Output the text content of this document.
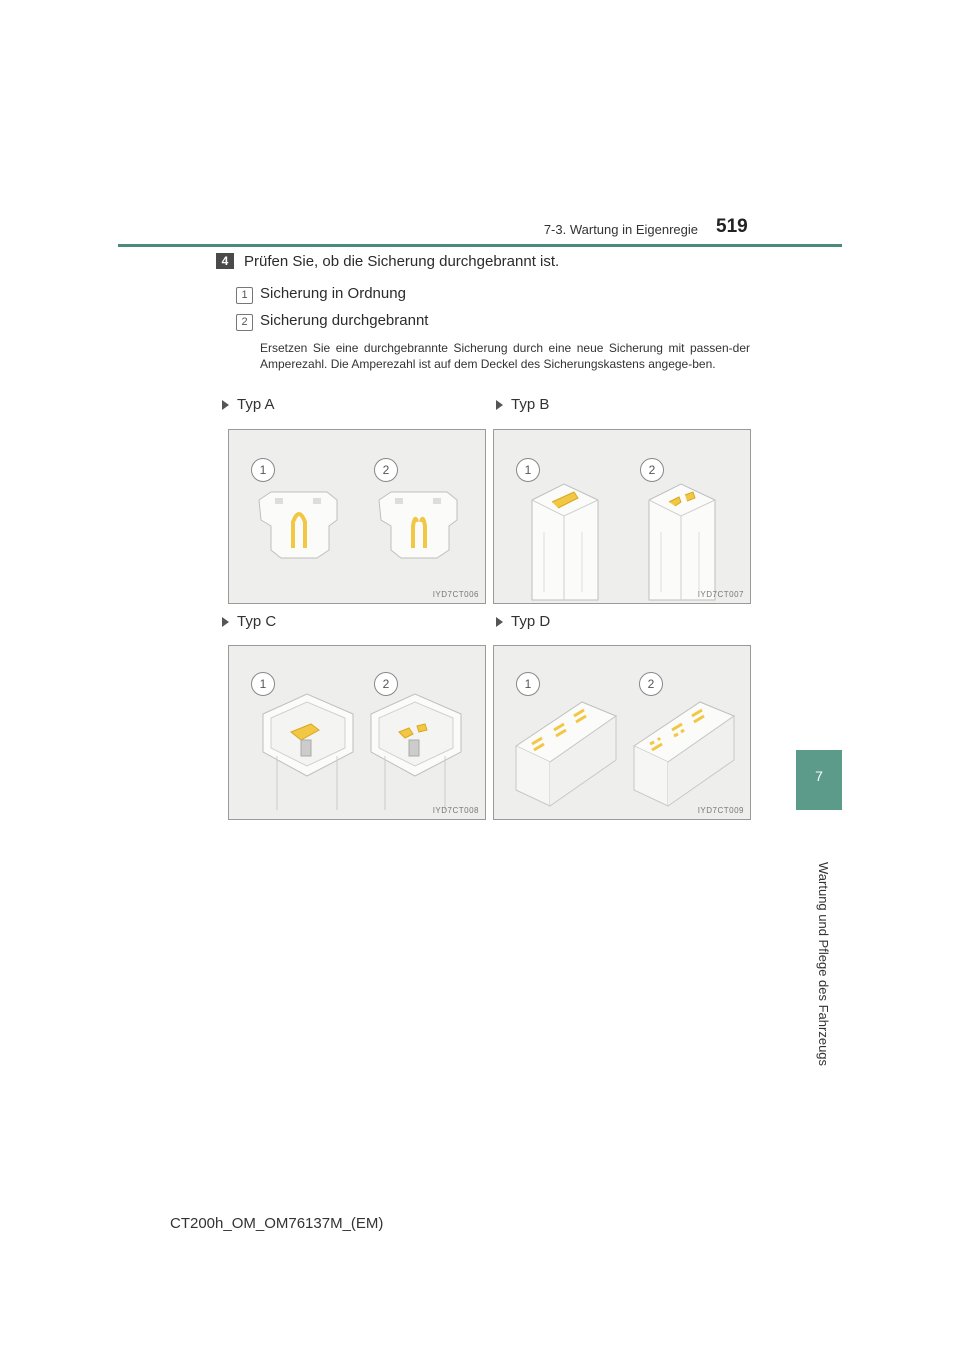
7-3. Wartung in Eigenregie 519
7
Wartung und Pflege des Fahrzeugs
4	Prüfen Sie, ob die Sicherung durchgebrannt ist.
1 Sicherung in Ordnung
2 Sicherung durchgebrannt
Ersetzen Sie eine durchgebrannte Sicherung durch eine neue Sicherung mit passen-der Amperezahl. Die Amperezahl ist auf dem Deckel des Sicherungskastens angege-ben.
Typ A	Typ B
Typ C	Typ D
1	2
IYD7CT006
1	2
IYD7CT007
1	2
IYD7CT008
1	2
IYD7CT009
CT200h_OM_OM76137M_(EM)
